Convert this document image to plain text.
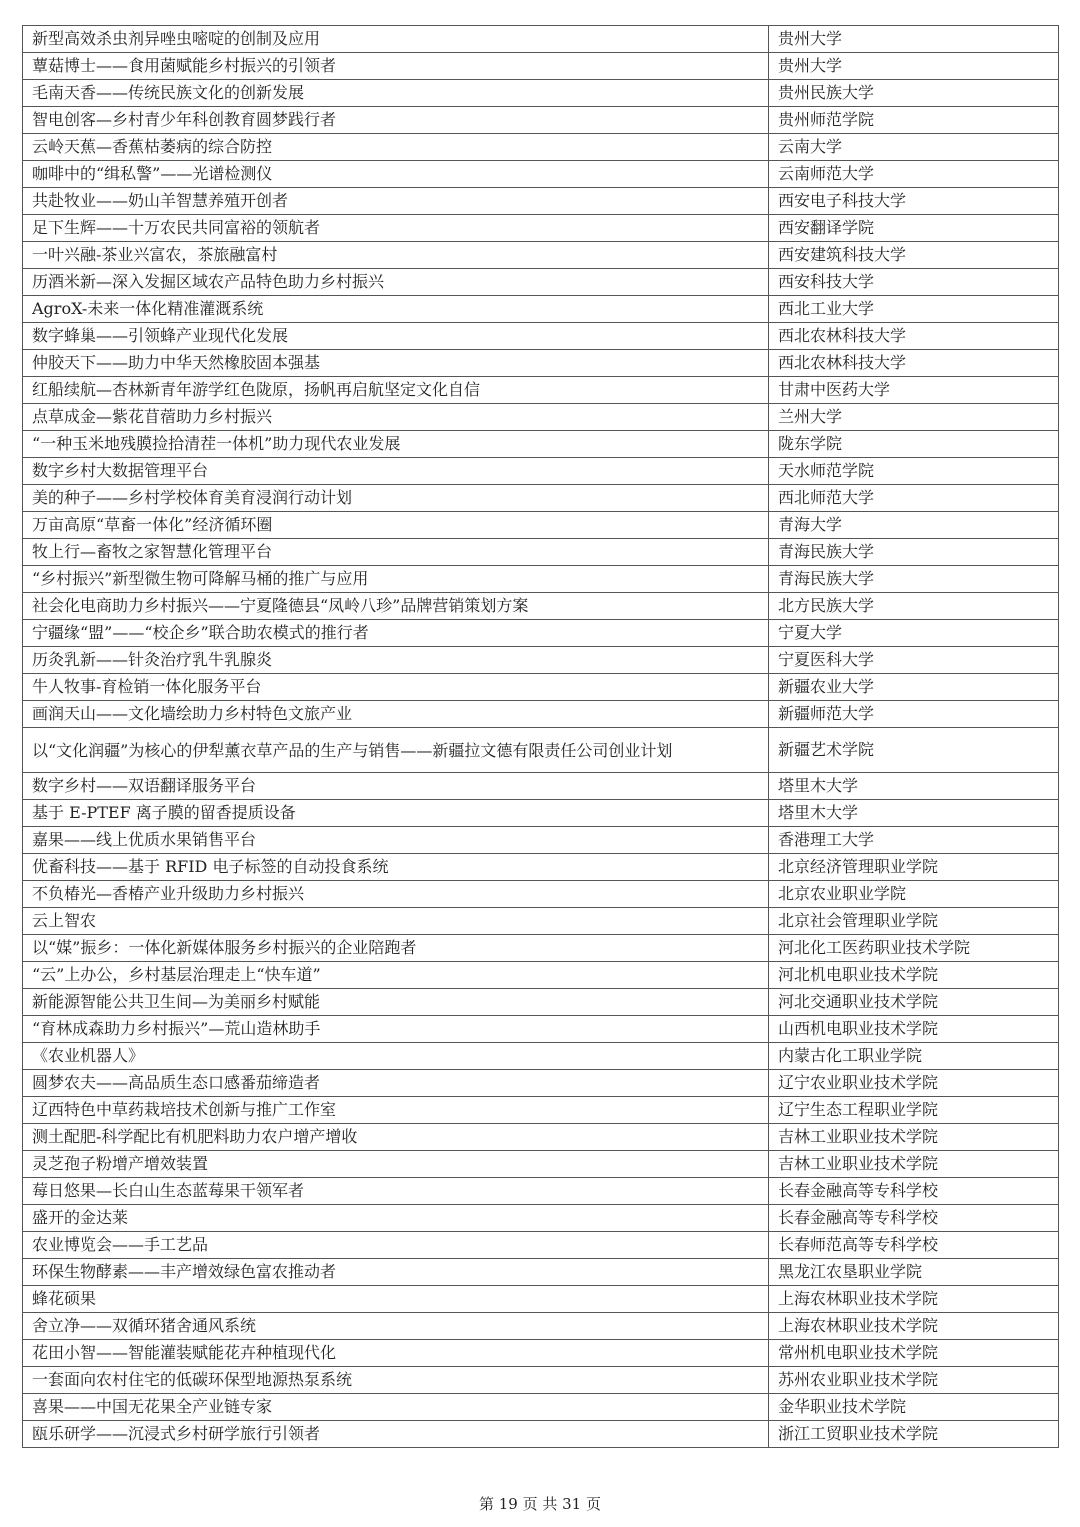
新型高效杀虫剂异唑虫嘧啶的创制及应用	贵州大学
蕈菇博士——食用菌赋能乡村振兴的引领者	贵州大学
毛南天香——传统民族文化的创新发展	贵州民族大学
智电创客—乡村青少年科创教育圆梦践行者	贵州师范学院
云岭天蕉—香蕉枯萎病的综合防控	云南大学
咖啡中的“缉私警”——光谱检测仪	云南师范大学
共赴牧业——奶山羊智慧养殖开创者	西安电子科技大学
足下生辉——十万农民共同富裕的领航者	西安翻译学院
一叶兴融-茶业兴富农，茶旅融富村	西安建筑科技大学
历酒米新—深入发掘区域农产品特色助力乡村振兴	西安科技大学
AgroX-未来一体化精准灌溉系统	西北工业大学
数字蜂巢——引领蜂产业现代化发展	西北农林科技大学
仲胶天下——助力中华天然橡胶固本强基	西北农林科技大学
红船续航—杏林新青年游学红色陇原，扬帆再启航坚定文化自信	甘肃中医药大学
点草成金—紫花苜蓿助力乡村振兴	兰州大学
“一种玉米地残膜捡拾清茬一体机”助力现代农业发展	陇东学院
数字乡村大数据管理平台	天水师范学院
美的种子——乡村学校体育美育浸润行动计划	西北师范大学
万亩高原“草畜一体化”经济循环圈	青海大学
牧上行—畜牧之家智慧化管理平台	青海民族大学
“乡村振兴”新型微生物可降解马桶的推广与应用	青海民族大学
社会化电商助力乡村振兴——宁夏隆德县“凤岭八珍”品牌营销策划方案	北方民族大学
宁疆缘“盟”——“校企乡”联合助农模式的推行者	宁夏大学
历灸乳新——针灸治疗乳牛乳腺炎	宁夏医科大学
牛人牧事-育检销一体化服务平台	新疆农业大学
画润天山——文化墙绘助力乡村特色文旅产业	新疆师范大学
以“文化润疆”为核心的伊犁薰衣草产品的生产与销售——新疆拉文德有限责任公司创业计划	新疆艺术学院
数字乡村——双语翻译服务平台	塔里木大学
基于 E-PTEF 离子膜的留香提质设备	塔里木大学
嘉果——线上优质水果销售平台	香港理工大学
优畜科技——基于 RFID 电子标签的自动投食系统	北京经济管理职业学院
不负椿光—香椿产业升级助力乡村振兴	北京农业职业学院
云上智农	北京社会管理职业学院
以“媒”振乡：一体化新媒体服务乡村振兴的企业陪跑者	河北化工医药职业技术学院
“云”上办公，乡村基层治理走上“快车道”	河北机电职业技术学院
新能源智能公共卫生间—为美丽乡村赋能	河北交通职业技术学院
“育林成森助力乡村振兴”—荒山造林助手	山西机电职业技术学院
《农业机器人》	内蒙古化工职业学院
圆梦农夫——高品质生态口感番茄缔造者	辽宁农业职业技术学院
辽西特色中草药栽培技术创新与推广工作室	辽宁生态工程职业学院
测土配肥-科学配比有机肥料助力农户增产增收	吉林工业职业技术学院
灵芝孢子粉增产增效装置	吉林工业职业技术学院
莓日悠果—长白山生态蓝莓果干领军者	长春金融高等专科学校
盛开的金达莱	长春金融高等专科学校
农业博览会——手工艺品	长春师范高等专科学校
环保生物酵素——丰产增效绿色富农推动者	黑龙江农垦职业学院
蜂花硕果	上海农林职业技术学院
舍立净——双循环猪舍通风系统	上海农林职业技术学院
花田小智——智能灌装赋能花卉种植现代化	常州机电职业技术学院
一套面向农村住宅的低碳环保型地源热泵系统	苏州农业职业技术学院
喜果——中国无花果全产业链专家	金华职业技术学院
瓯乐研学——沉浸式乡村研学旅行引领者	浙江工贸职业技术学院
第 19 页 共 31 页
